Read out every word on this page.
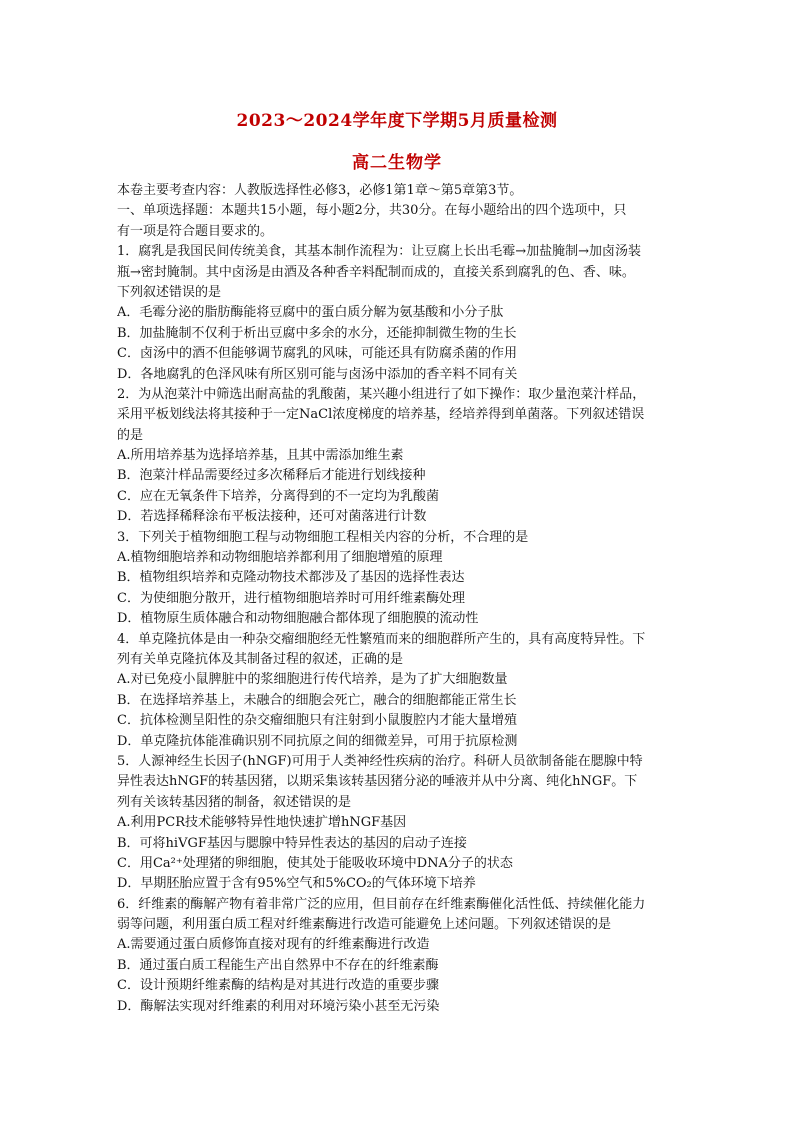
2023～2024学年度下学期5月质量检测
高二生物学
本卷主要考查内容：人教版选择性必修3，必修1第1章～第5章第3节。
一、单项选择题：本题共15小题，每小题2分，共30分。在每小题给出的四个选项中，只
有一项是符合题目要求的。
1．腐乳是我国民间传统美食，其基本制作流程为：让豆腐上长出毛霉→加盐腌制→加卤汤装
瓶→密封腌制。其中卤汤是由酒及各种香辛料配制而成的，直接关系到腐乳的色、香、味。
下列叙述错误的是
A．毛霉分泌的脂肪酶能将豆腐中的蛋白质分解为氨基酸和小分子肽
B．加盐腌制不仅利于析出豆腐中多余的水分，还能抑制微生物的生长
C．卤汤中的酒不但能够调节腐乳的风味，可能还具有防腐杀菌的作用
D．各地腐乳的色泽风味有所区别可能与卤汤中添加的香辛料不同有关
2．为从泡菜汁中筛选出耐高盐的乳酸菌，某兴趣小组进行了如下操作：取少量泡菜汁样品，
采用平板划线法将其接种于一定NaCl浓度梯度的培养基，经培养得到单菌落。下列叙述错误
的是
A.所用培养基为选择培养基，且其中需添加维生素
B．泡菜汁样品需要经过多次稀释后才能进行划线接种
C．应在无氧条件下培养，分离得到的不一定均为乳酸菌
D．若选择稀释涂布平板法接种，还可对菌落进行计数
3．下列关于植物细胞工程与动物细胞工程相关内容的分析，不合理的是
A.植物细胞培养和动物细胞培养都利用了细胞增殖的原理
B．植物组织培养和克隆动物技术都涉及了基因的选择性表达
C．为使细胞分散开，进行植物细胞培养时可用纤维素酶处理
D．植物原生质体融合和动物细胞融合都体现了细胞膜的流动性
4．单克隆抗体是由一种杂交瘤细胞经无性繁殖而来的细胞群所产生的，具有高度特异性。下
列有关单克隆抗体及其制备过程的叙述，正确的是
A.对已免疫小鼠脾脏中的浆细胞进行传代培养，是为了扩大细胞数量
B．在选择培养基上，未融合的细胞会死亡，融合的细胞都能正常生长
C．抗体检测呈阳性的杂交瘤细胞只有注射到小鼠腹腔内才能大量增殖
D．单克隆抗体能准确识别不同抗原之间的细微差异，可用于抗原检测
5．人源神经生长因子(hNGF)可用于人类神经性疾病的治疗。科研人员欲制备能在腮腺中特
异性表达hNGF的转基因猪，以期采集该转基因猪分泌的唾液并从中分离、纯化hNGF。下
列有关该转基因猪的制备，叙述错误的是
A.利用PCR技术能够特异性地快速扩增hNGF基因
B．可将hiVGF基因与腮腺中特异性表达的基因的启动子连接
C．用Ca²⁺处理猪的卵细胞，使其处于能吸收环境中DNA分子的状态
D．早期胚胎应置于含有95%空气和5%CO₂的气体环境下培养
6．纤维素的酶解产物有着非常广泛的应用，但目前存在纤维素酶催化活性低、持续催化能力
弱等问题，利用蛋白质工程对纤维素酶进行改造可能避免上述问题。下列叙述错误的是
A.需要通过蛋白质修饰直接对现有的纤维素酶进行改造
B．通过蛋白质工程能生产出自然界中不存在的纤维素酶
C．设计预期纤维素酶的结构是对其进行改造的重要步骤
D．酶解法实现对纤维素的利用对环境污染小甚至无污染
